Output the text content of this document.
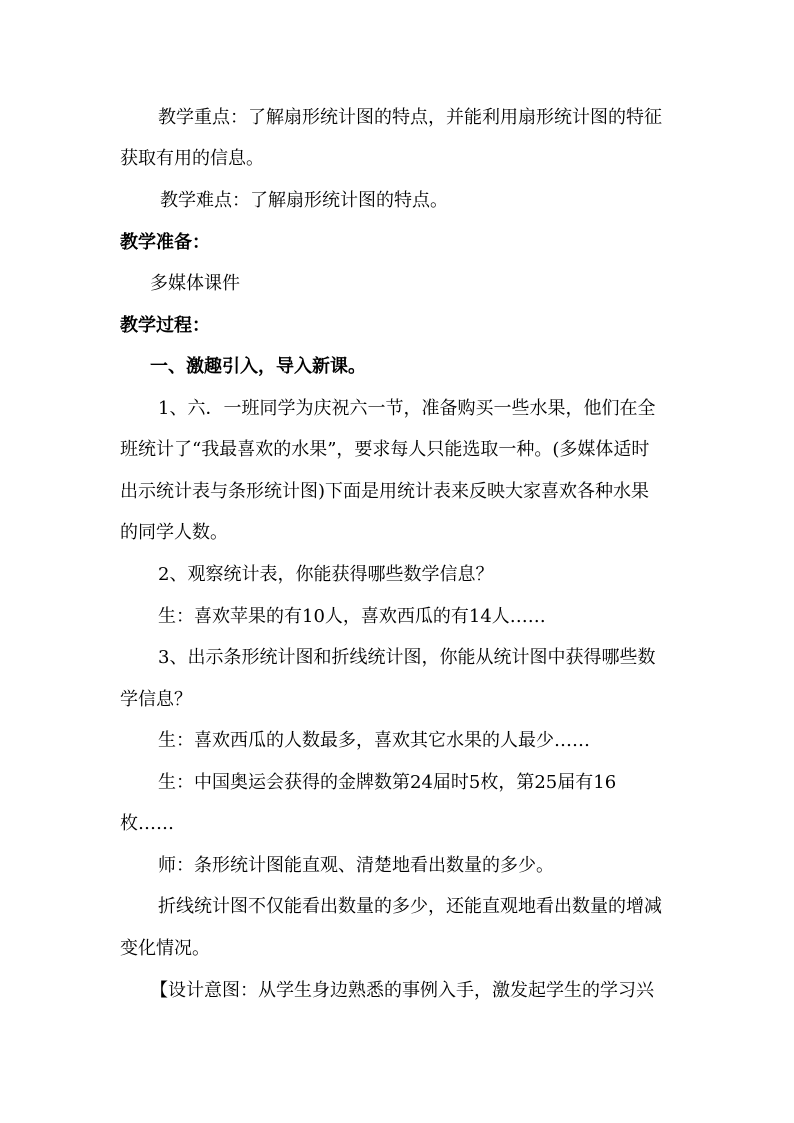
教学重点：了解扇形统计图的特点，并能利用扇形统计图的特征
获取有用的信息。
教学难点：了解扇形统计图的特点。
教学准备：
多媒体课件
教学过程：
一、激趣引入，导入新课。
1、六．一班同学为庆祝六一节，准备购买一些水果，他们在全
班统计了“我最喜欢的水果”，要求每人只能选取一种。(多媒体适时
出示统计表与条形统计图)下面是用统计表来反映大家喜欢各种水果
的同学人数。
2、观察统计表，你能获得哪些数学信息？
生：喜欢苹果的有10人，喜欢西瓜的有14人……
3、出示条形统计图和折线统计图，你能从统计图中获得哪些数
学信息？
生：喜欢西瓜的人数最多，喜欢其它水果的人最少……
生：中国奥运会获得的金牌数第24届时5枚，第25届有16
枚……
师：条形统计图能直观、清楚地看出数量的多少。
折线统计图不仅能看出数量的多少，还能直观地看出数量的增减
变化情况。
【设计意图：从学生身边熟悉的事例入手，激发起学生的学习兴
